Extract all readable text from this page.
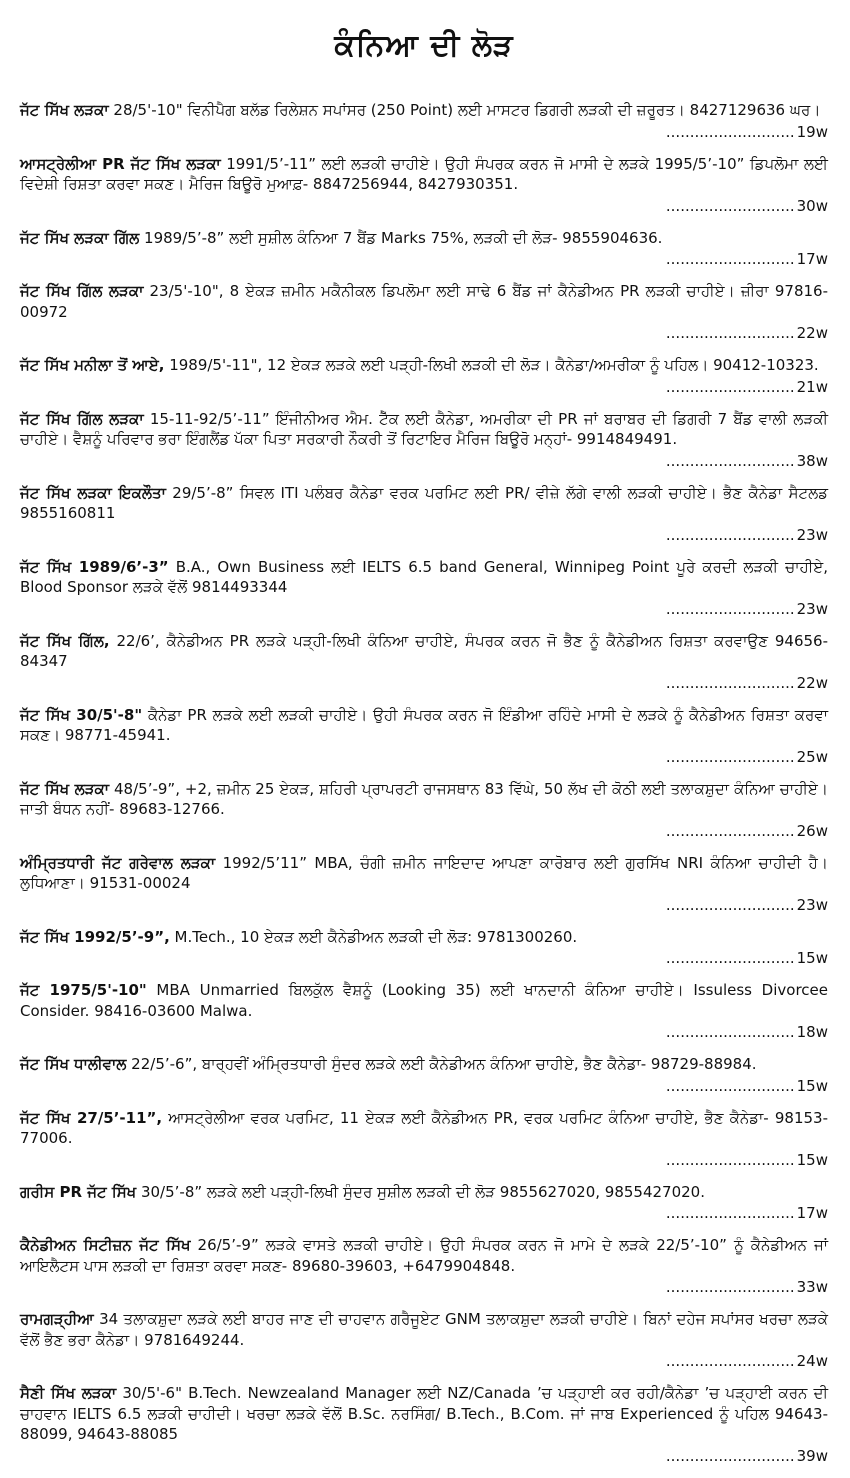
ਕੰਨਿਆ ਦੀ ਲੋੜ
ਜੱਟ ਸਿੱਖ ਲੜਕਾ 28/5'-10" ਵਿਨੀਪੈਗ ਬਲੱਡ ਰਿਲੇਸ਼ਨ ਸਪਾਂਸਰ (250 Point) ਲਈ ਮਾਸਟਰ ਡਿਗਰੀ ਲੜਕੀ ਦੀ ਜ਼ਰੂਰਤ। 8427129636 ਘਰ।
........................... 19w
ਆਸਟ੍ਰੇਲੀਆ PR ਜੱਟ ਸਿੱਖ ਲੜਕਾ 1991/5’-11” ਲਈ ਲੜਕੀ ਚਾਹੀਏ। ਉਹੀ ਸੰਪਰਕ ਕਰਨ ਜੋ ਮਾਸੀ ਦੇ ਲੜਕੇ 1995/5’-10” ਡਿਪਲੋਮਾ ਲਈ ਵਿਦੇਸ਼ੀ ਰਿਸ਼ਤਾ ਕਰਵਾ ਸਕਣ। ਮੈਰਿਜ ਬਿਊਰੋ ਮੁਆਫ਼- 8847256944, 8427930351.
........................... 30w
ਜੱਟ ਸਿੱਖ ਲੜਕਾ ਗਿੱਲ 1989/5’-8” ਲਈ ਸੁਸ਼ੀਲ ਕੰਨਿਆ 7 ਬੈਂਡ Marks 75%, ਲੜਕੀ ਦੀ ਲੋੜ- 9855904636.
........................... 17w
ਜੱਟ ਸਿੱਖ ਗਿੱਲ ਲੜਕਾ 23/5'-10", 8 ਏਕੜ ਜ਼ਮੀਨ ਮਕੈਨੀਕਲ ਡਿਪਲੋਮਾ ਲਈ ਸਾਢੇ 6 ਬੈਂਡ ਜਾਂ ਕੈਨੇਡੀਅਨ PR ਲੜਕੀ ਚਾਹੀਏ। ਜ਼ੀਰਾ 97816-00972
........................... 22w
ਜੱਟ ਸਿੱਖ ਮਨੀਲਾ ਤੋਂ ਆਏ, 1989/5'-11", 12 ਏਕੜ ਲੜਕੇ ਲਈ ਪੜ੍ਹੀ-ਲਿਖੀ ਲੜਕੀ ਦੀ ਲੋੜ। ਕੈਨੇਡਾ/ਅਮਰੀਕਾ ਨੂੰ ਪਹਿਲ। 90412-10323.
........................... 21w
ਜੱਟ ਸਿੱਖ ਗਿੱਲ ਲੜਕਾ 15-11-92/5’-11” ਇੰਜੀਨੀਅਰ ਐਮ. ਟੈੱਕ ਲਈ ਕੈਨੇਡਾ, ਅਮਰੀਕਾ ਦੀ PR ਜਾਂ ਬਰਾਬਰ ਦੀ ਡਿਗਰੀ 7 ਬੈਂਡ ਵਾਲੀ ਲੜਕੀ ਚਾਹੀਏ। ਵੈਸ਼ਨੂੰ ਪਰਿਵਾਰ ਭਰਾ ਇੰਗਲੈਂਡ ਪੱਕਾ ਪਿਤਾ ਸਰਕਾਰੀ ਨੌਕਰੀ ਤੋਂ ਰਿਟਾਇਰ ਮੈਰਿਜ ਬਿਊਰੋ ਮਨ੍ਹਾਂ- 9914849491.
........................... 38w
ਜੱਟ ਸਿੱਖ ਲੜਕਾ ਇਕਲੌਤਾ 29/5’-8” ਸਿਵਲ ITI ਪਲੰਬਰ ਕੈਨੇਡਾ ਵਰਕ ਪਰਮਿਟ ਲਈ PR/ ਵੀਜ਼ੇ ਲੱਗੇ ਵਾਲੀ ਲੜਕੀ ਚਾਹੀਏ। ਭੈਣ ਕੈਨੇਡਾ ਸੈਟਲਡ 9855160811
........................... 23w
ਜੱਟ ਸਿੱਖ 1989/6’-3” B.A., Own Business ਲਈ IELTS 6.5 band General, Winnipeg Point ਪੂਰੇ ਕਰਦੀ ਲੜਕੀ ਚਾਹੀਏ, Blood Sponsor ਲੜਕੇ ਵੱਲੋਂ 9814493344
........................... 23w
ਜੱਟ ਸਿੱਖ ਗਿੱਲ, 22/6’, ਕੈਨੇਡੀਅਨ PR ਲੜਕੇ ਪੜ੍ਹੀ-ਲਿਖੀ ਕੰਨਿਆ ਚਾਹੀਏ, ਸੰਪਰਕ ਕਰਨ ਜੋ ਭੈਣ ਨੂੰ ਕੈਨੇਡੀਅਨ ਰਿਸ਼ਤਾ ਕਰਵਾਉਣ 94656-84347
........................... 22w
ਜੱਟ ਸਿੱਖ 30/5'-8" ਕੈਨੇਡਾ PR ਲੜਕੇ ਲਈ ਲੜਕੀ ਚਾਹੀਏ। ਉਹੀ ਸੰਪਰਕ ਕਰਨ ਜੋ ਇੰਡੀਆ ਰਹਿੰਦੇ ਮਾਸੀ ਦੇ ਲੜਕੇ ਨੂੰ ਕੈਨੇਡੀਅਨ ਰਿਸ਼ਤਾ ਕਰਵਾ ਸਕਣ। 98771-45941.
........................... 25w
ਜੱਟ ਸਿੱਖ ਲੜਕਾ 48/5’-9”, +2, ਜ਼ਮੀਨ 25 ਏਕੜ, ਸ਼ਹਿਰੀ ਪ੍ਰਾਪਰਟੀ ਰਾਜਸਥਾਨ 83 ਵਿੱਘੇ, 50 ਲੱਖ ਦੀ ਕੋਠੀ ਲਈ ਤਲਾਕਸ਼ੁਦਾ ਕੰਨਿਆ ਚਾਹੀਏ। ਜਾਤੀ ਬੰਧਨ ਨਹੀਂ- 89683-12766.
........................... 26w
ਅੰਮ੍ਰਿਤਧਾਰੀ ਜੱਟ ਗਰੇਵਾਲ ਲੜਕਾ 1992/5’11” MBA, ਚੰਗੀ ਜ਼ਮੀਨ ਜਾਇਦਾਦ ਆਪਣਾ ਕਾਰੋਬਾਰ ਲਈ ਗੁਰਸਿੱਖ NRI ਕੰਨਿਆ ਚਾਹੀਦੀ ਹੈ। ਲੁਧਿਆਣਾ। 91531-00024
........................... 23w
ਜੱਟ ਸਿੱਖ 1992/5’-9”, M.Tech., 10 ਏਕੜ ਲਈ ਕੈਨੇਡੀਅਨ ਲੜਕੀ ਦੀ ਲੋੜ: 9781300260.
........................... 15w
ਜੱਟ 1975/5'-10" MBA Unmarried ਬਿਲਕੁੱਲ ਵੈਸ਼ਨੂੰ (Looking 35) ਲਈ ਖਾਨਦਾਨੀ ਕੰਨਿਆ ਚਾਹੀਏ। Issuless Divorcee Consider. 98416-03600 Malwa.
........................... 18w
ਜੱਟ ਸਿੱਖ ਧਾਲੀਵਾਲ 22/5’-6”, ਬਾਰ੍ਹਵੀਂ ਅੰਮ੍ਰਿਤਧਾਰੀ ਸੁੰਦਰ ਲੜਕੇ ਲਈ ਕੈਨੇਡੀਅਨ ਕੰਨਿਆ ਚਾਹੀਏ, ਭੈਣ ਕੈਨੇਡਾ- 98729-88984.
........................... 15w
ਜੱਟ ਸਿੱਖ 27/5’-11”, ਆਸਟ੍ਰੇਲੀਆ ਵਰਕ ਪਰਮਿਟ, 11 ਏਕੜ ਲਈ ਕੈਨੇਡੀਅਨ PR, ਵਰਕ ਪਰਮਿਟ ਕੰਨਿਆ ਚਾਹੀਏ, ਭੈਣ ਕੈਨੇਡਾ- 98153-77006.
........................... 15w
ਗਰੀਸ PR ਜੱਟ ਸਿੱਖ 30/5’-8” ਲੜਕੇ ਲਈ ਪੜ੍ਹੀ-ਲਿਖੀ ਸੁੰਦਰ ਸੁਸ਼ੀਲ ਲੜਕੀ ਦੀ ਲੋੜ 9855627020, 9855427020.
........................... 17w
ਕੈਨੇਡੀਅਨ ਸਿਟੀਜ਼ਨ ਜੱਟ ਸਿੱਖ 26/5’-9” ਲੜਕੇ ਵਾਸਤੇ ਲੜਕੀ ਚਾਹੀਏ। ਉਹੀ ਸੰਪਰਕ ਕਰਨ ਜੋ ਮਾਮੇ ਦੇ ਲੜਕੇ 22/5’-10” ਨੂੰ ਕੈਨੇਡੀਅਨ ਜਾਂ ਆਇਲੈਟਸ ਪਾਸ ਲੜਕੀ ਦਾ ਰਿਸ਼ਤਾ ਕਰਵਾ ਸਕਣ- 89680-39603, +6479904848.
........................... 33w
ਰਾਮਗੜ੍ਹੀਆ 34 ਤਲਾਕਸ਼ੁਦਾ ਲੜਕੇ ਲਈ ਬਾਹਰ ਜਾਣ ਦੀ ਚਾਹਵਾਨ ਗਰੈਜੂਏਟ GNM ਤਲਾਕਸ਼ੁਦਾ ਲੜਕੀ ਚਾਹੀਏ। ਬਿਨਾਂ ਦਹੇਜ ਸਪਾਂਸਰ ਖਰਚਾ ਲੜਕੇ ਵੱਲੋਂ ਭੈਣ ਭਰਾ ਕੈਨੇਡਾ। 9781649244.
........................... 24w
ਸੈਣੀ ਸਿੱਖ ਲੜਕਾ 30/5'-6" B.Tech. Newzealand Manager ਲਈ NZ/Canada ’ਚ ਪੜ੍ਹਾਈ ਕਰ ਰਹੀ/ਕੈਨੇਡਾ ’ਚ ਪੜ੍ਹਾਈ ਕਰਨ ਦੀ ਚਾਹਵਾਨ IELTS 6.5 ਲੜਕੀ ਚਾਹੀਦੀ। ਖਰਚਾ ਲੜਕੇ ਵੱਲੋਂ B.Sc. ਨਰਸਿੰਗ/ B.Tech., B.Com. ਜਾਂ ਜਾਬ Experienced ਨੂੰ ਪਹਿਲ 94643-88099, 94643-88085
........................... 39w
